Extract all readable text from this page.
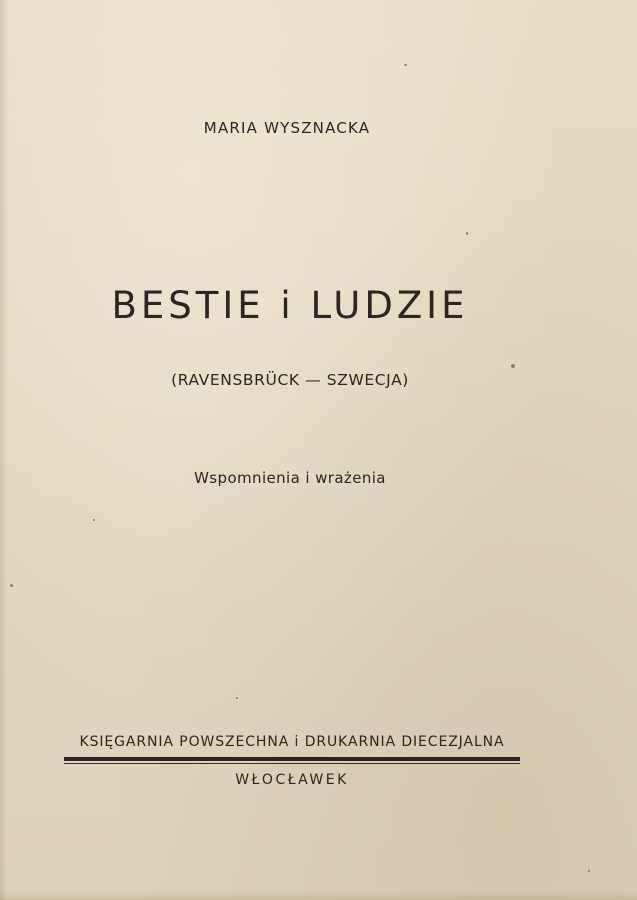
MARIA WYSZNACKA
BESTIE i LUDZIE
(RAVENSBRÜCK — SZWECJA)
Wspomnienia i wrażenia
KSIĘGARNIA POWSZECHNA i DRUKARNIA DIECEZJALNA
WŁOCŁAWEK
